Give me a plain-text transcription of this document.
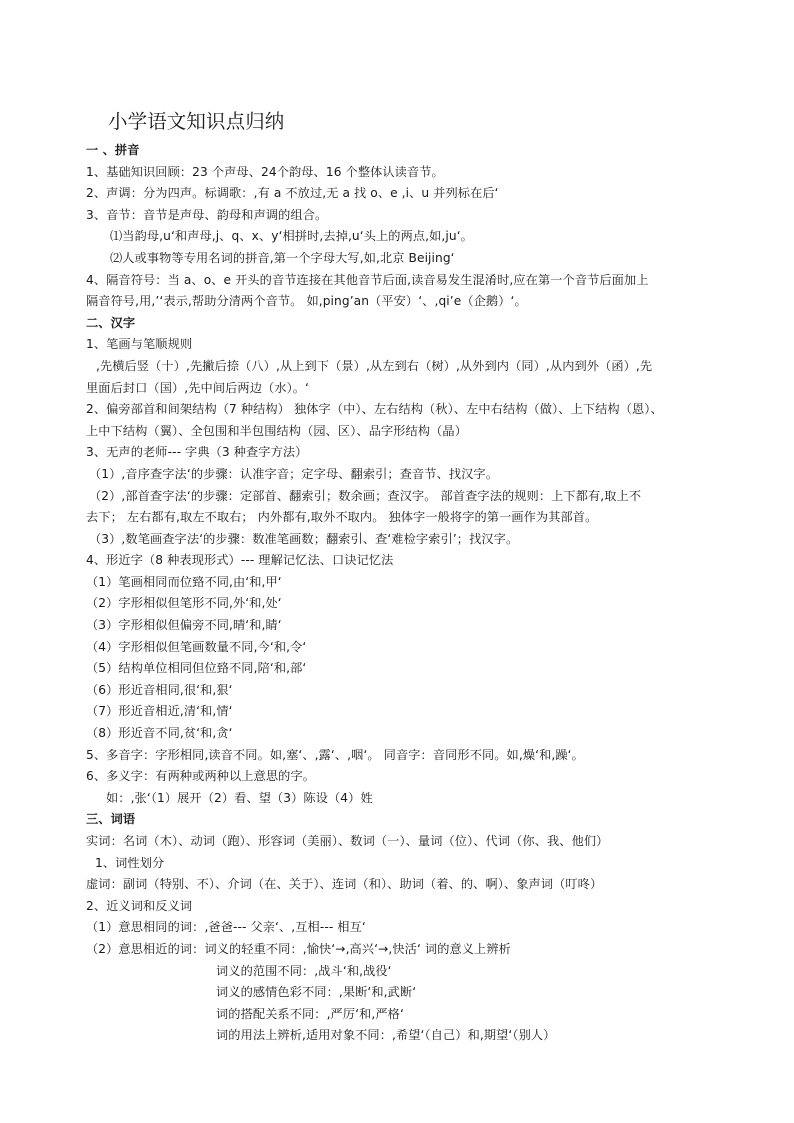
小学语文知识点归纳
一 、拼音
1、基础知识回顾：23 个声母、24个韵母、16 个整体认读音节。
2、声调：分为四声。标调歌：,有 a 不放过,无 a 找 o、e ,i、u 并列标在后‘
3、音节：音节是声母、韵母和声调的组合。
⑴当韵母,u‘和声母,j、q、x、y‘相拼时,去掉,u‘头上的两点,如,ju‘。
⑵人或事物等专用名词的拼音,第一个字母大写,如,北京 Beijing‘
4、隔音符号：当 a、o、e 开头的音节连接在其他音节后面,读音易发生混淆时,应在第一个音节后面加上
隔音符号,用,’‘表示,帮助分清两个音节。 如,ping’an（平安）‘、,qi’e（企鹅）‘。
二、汉字
1、笔画与笔顺规则
,先横后竖（十）,先撇后捺（八）,从上到下（景）,从左到右（树）,从外到内（同）,从内到外（函）,先
里面后封口（国）,先中间后两边（水）。‘
2、偏旁部首和间架结构（7 种结构） 独体字（中）、左右结构（秋）、左中右结构（做）、上下结构（恩）、
上中下结构（翼）、全包围和半包围结构（园、区）、品字形结构（晶）
3、无声的老师--- 字典（3 种查字方法）
（1）,音序查字法‘的步骤：认准字音；定字母、翻索引；查音节、找汉字。
（2）,部首查字法‘的步骤：定部首、翻索引；数余画；查汉字。 部首查字法的规则：上下都有,取上不
去下； 左右都有,取左不取右； 内外都有,取外不取内。 独体字一般将字的第一画作为其部首。
（3）,数笔画查字法‘的步骤：数准笔画数；翻索引、查‘难检字索引’；找汉字。
4、形近字（8 种表现形式）--- 理解记忆法、口诀记忆法
（1）笔画相同而位臵不同,由‘和,甲‘
（2）字形相似但笔形不同,外‘和,处‘
（3）字形相似但偏旁不同,晴‘和,睛‘
（4）字形相似但笔画数量不同,今‘和,令‘
（5）结构单位相同但位臵不同,陪‘和,部‘
（6）形近音相同,很‘和,狠‘
（7）形近音相近,清‘和,情‘
（8）形近音不同,贫‘和,贪‘
5、多音字：字形相同,读音不同。如,塞‘、,露‘、,咽‘。 同音字：音同形不同。如,燥‘和,躁‘。
6、多义字：有两种或两种以上意思的字。
如：,张‘（1）展开（2）看、望（3）陈设（4）姓
三、词语
实词：名词（木）、动词（跑）、形容词（美丽）、数词（一）、量词（位）、代词（你、我、他们）
1、词性划分
虚词：副词（特别、不）、介词（在、关于）、连词（和）、助词（着、的、啊）、象声词（叮咚）
2、近义词和反义词
（1）意思相同的词：,爸爸--- 父亲‘、,互相--- 相互‘
（2）意思相近的词：词义的轻重不同：,愉快‘→,高兴‘→,快活‘ 词的意义上辨析
词义的范围不同：,战斗‘和,战役‘
词义的感情色彩不同：,果断‘和,武断‘
词的搭配关系不同：,严厉‘和,严格‘
词的用法上辨析,适用对象不同：,希望‘（自己）和,期望‘（别人）
